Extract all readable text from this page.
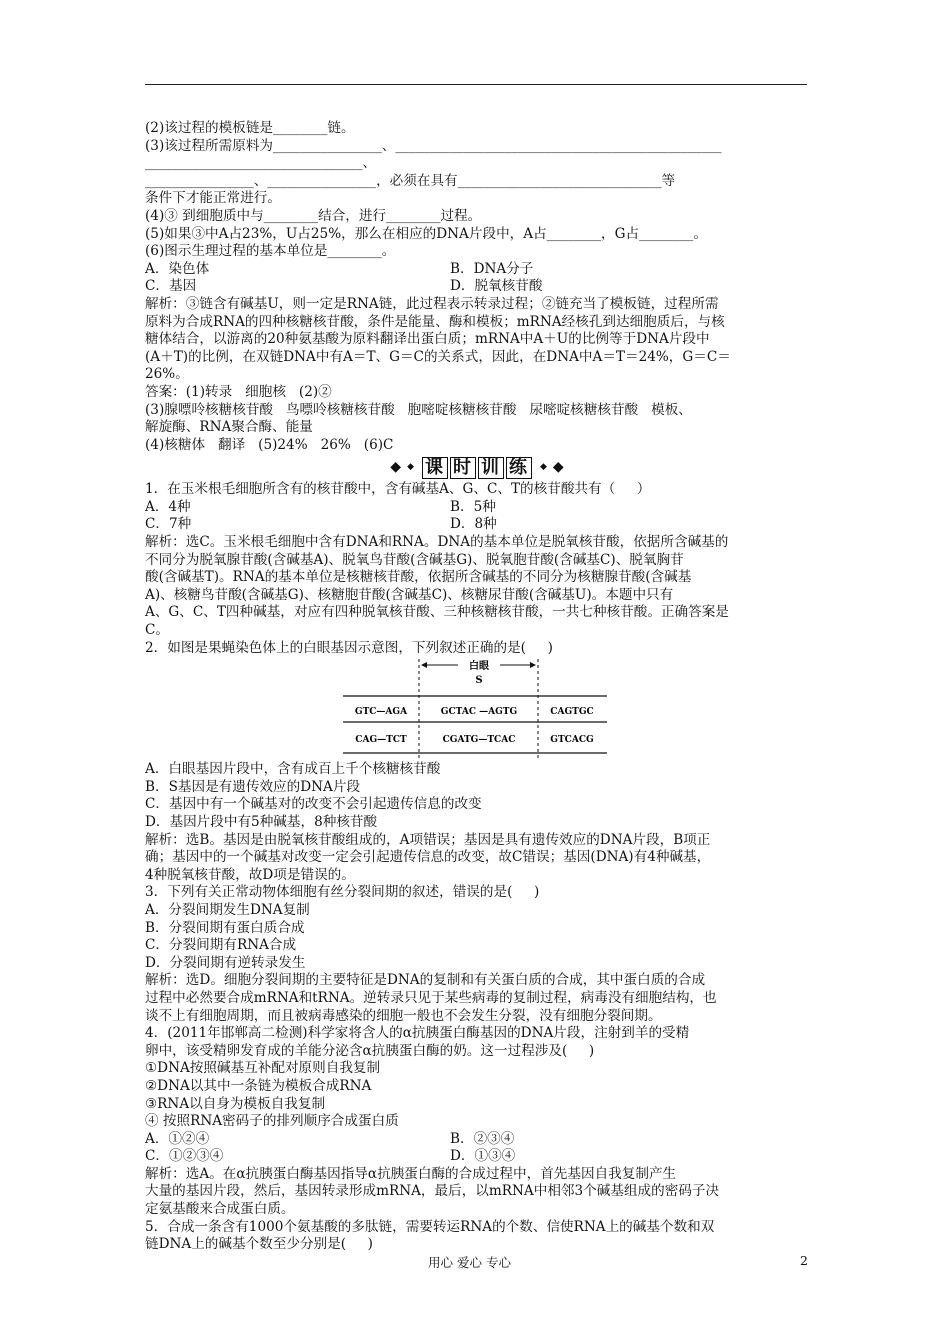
(2)该过程的模板链是________链。
(3)该过程所需原料为________________、________________________________________________
________________________________、
________________、________________，必须在具有______________________________等
条件下才能正常进行。
(4)③ 到细胞质中与________结合，进行________过程。
(5)如果③中A占23%，U占25%，那么在相应的DNA片段中，A占________，G占________。
(6)图示生理过程的基本单位是________。
A．染色体	B．DNA分子
C．基因	D．脱氧核苷酸
解析：③链含有碱基U，则一定是RNA链，此过程表示转录过程；②链充当了模板链，过程所需
原料为合成RNA的四种核糖核苷酸，条件是能量、酶和模板；mRNA经核孔到达细胞质后，与核
糖体结合，以游离的20种氨基酸为原料翻译出蛋白质；mRNA中A＋U的比例等于DNA片段中
(A＋T)的比例，在双链DNA中有A＝T、G＝C的关系式，因此，在DNA中A＝T＝24%，G＝C＝
26%。
答案：(1)转录   细胞核   (2)②
(3)腺嘌呤核糖核苷酸   鸟嘌呤核糖核苷酸   胞嘧啶核糖核苷酸   尿嘧啶核糖核苷酸   模板、
解旋酶、RNA聚合酶、能量
(4)核糖体   翻译   (5)24%   26%   (6)C
◆ ◆ 课 时 训 练	◆ ◆
1．在玉米根毛细胞所含有的核苷酸中，含有碱基A、G、C、T的核苷酸共有（     ）
A．4种	B．5种
C．7种	D．8种
解析：选C。玉米根毛细胞中含有DNA和RNA。DNA的基本单位是脱氧核苷酸，依据所含碱基的
不同分为脱氧腺苷酸(含碱基A)、脱氧鸟苷酸(含碱基G)、脱氧胞苷酸(含碱基C)、脱氧胸苷
酸(含碱基T)。RNA的基本单位是核糖核苷酸，依据所含碱基的不同分为核糖腺苷酸(含碱基
A)、核糖鸟苷酸(含碱基G)、核糖胞苷酸(含碱基C)、核糖尿苷酸(含碱基U)。本题中只有
A、G、C、T四种碱基，对应有四种脱氧核苷酸、三种核糖核苷酸，一共七种核苷酸。正确答案是
C。
2．如图是果蝇染色体上的白眼基因示意图，下列叙述正确的是(     )
白眼
S
GTC—AGA	GCTAC —AGTG	CAGTGC
CAG—TCT	CGATG—TCAC	GTCACG
A．白眼基因片段中，含有成百上千个核糖核苷酸
B．S基因是有遗传效应的DNA片段
C．基因中有一个碱基对的改变不会引起遗传信息的改变
D．基因片段中有5种碱基，8种核苷酸
解析：选B。基因是由脱氧核苷酸组成的，A项错误；基因是具有遗传效应的DNA片段，B项正
确；基因中的一个碱基对改变一定会引起遗传信息的改变，故C错误；基因(DNA)有4种碱基，
4种脱氧核苷酸，故D项是错误的。
3．下列有关正常动物体细胞有丝分裂间期的叙述，错误的是(     )
A．分裂间期发生DNA复制
B．分裂间期有蛋白质合成
C．分裂间期有RNA合成
D．分裂间期有逆转录发生
解析：选D。细胞分裂间期的主要特征是DNA的复制和有关蛋白质的合成，其中蛋白质的合成
过程中必然要合成mRNA和tRNA。逆转录只见于某些病毒的复制过程，病毒没有细胞结构，也
谈不上有细胞周期，而且被病毒感染的细胞一般也不会发生分裂，没有细胞分裂间期。
4．(2011年邯郸高二检测)科学家将含人的α抗胰蛋白酶基因的DNA片段，注射到羊的受精
卵中，该受精卵发育成的羊能分泌含α抗胰蛋白酶的奶。这一过程涉及(     )
①DNA按照碱基互补配对原则自我复制
②DNA以其中一条链为模板合成RNA
③RNA以自身为模板自我复制
④ 按照RNA密码子的排列顺序合成蛋白质
A．①②④	B．②③④
C．①②③④	D．①③④
解析：选A。在α抗胰蛋白酶基因指导α抗胰蛋白酶的合成过程中，首先基因自我复制产生
大量的基因片段，然后，基因转录形成mRNA，最后，以mRNA中相邻3个碱基组成的密码子决
定氨基酸来合成蛋白质。
5．合成一条含有1000个氨基酸的多肽链，需要转运RNA的个数、信使RNA上的碱基个数和双
链DNA上的碱基个数至少分别是(     )
用心 爱心 专心	2
